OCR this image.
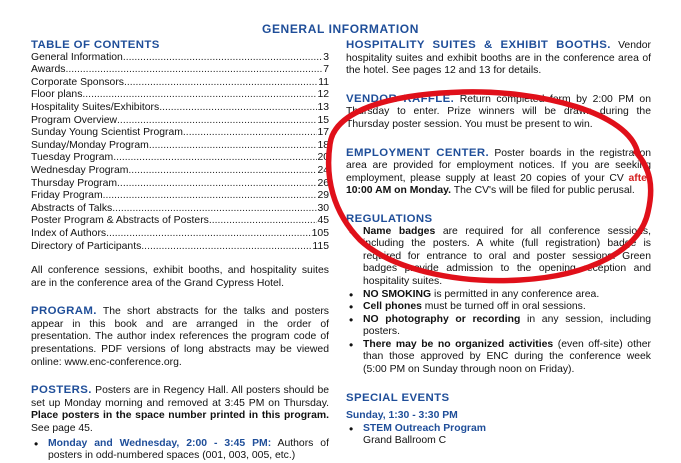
GENERAL INFORMATION
TABLE OF CONTENTS
General Information .....	3
Awards .....	7
Corporate Sponsors .....	11
Floor plans .....	12
Hospitality Suites/Exhibitors .....	13
Program Overview .....	15
Sunday Young Scientist Program .....	17
Sunday/Monday Program .....	18
Tuesday Program .....	20
Wednesday Program .....	24
Thursday Program .....	26
Friday Program .....	29
Abstracts of Talks .....	30
Poster Program & Abstracts of Posters .....	45
Index of Authors .....	105
Directory of Participants .....	115

All conference sessions, exhibit booths, and hospitality suites are in the conference area of the Grand Cypress Hotel.

PROGRAM. The short abstracts for the talks and posters appear in this book and are arranged in the order of presentation. The author index references the program code of presentations. PDF versions of long abstracts may be viewed online: www.enc-conference.org.

POSTERS. Posters are in Regency Hall. All posters should be set up Monday morning and removed at 3:45 PM on Thursday. Place posters in the space number printed in this program. See page 45.

• Monday and Wednesday, 2:00 - 3:45 PM: Authors of posters in odd-numbered spaces (001, 003, 005, etc.)

HOSPITALITY SUITES & EXHIBIT BOOTHS. Vendor hospitality suites and exhibit booths are in the conference area of the hotel. See pages 12 and 13 for details.

VENDOR RAFFLE. Return completed form by 2:00 PM on Thursday to enter. Prize winners will be drawn during the Thursday poster session. You must be present to win.

EMPLOYMENT CENTER. Poster boards in the registration area are provided for employment notices. If you are seeking employment, please supply at least 20 copies of your CV after 10:00 AM on Monday. The CV's will be filed for public perusal.

REGULATIONS
• Name badges are required for all conference sessions, including the posters. A white (full registration) badge is required for entrance to oral and poster sessions. Green badges provide admission to the opening reception and hospitality suites.
• NO SMOKING is permitted in any conference area.
• Cell phones must be turned off in oral sessions.
• NO photography or recording in any session, including posters.
• There may be no organized activities (even off-site) other than those approved by ENC during the conference week (5:00 PM on Sunday through noon on Friday).
SPECIAL EVENTS
Sunday, 1:30 - 3:30 PM
• STEM Outreach Program
Grand Ballroom C
